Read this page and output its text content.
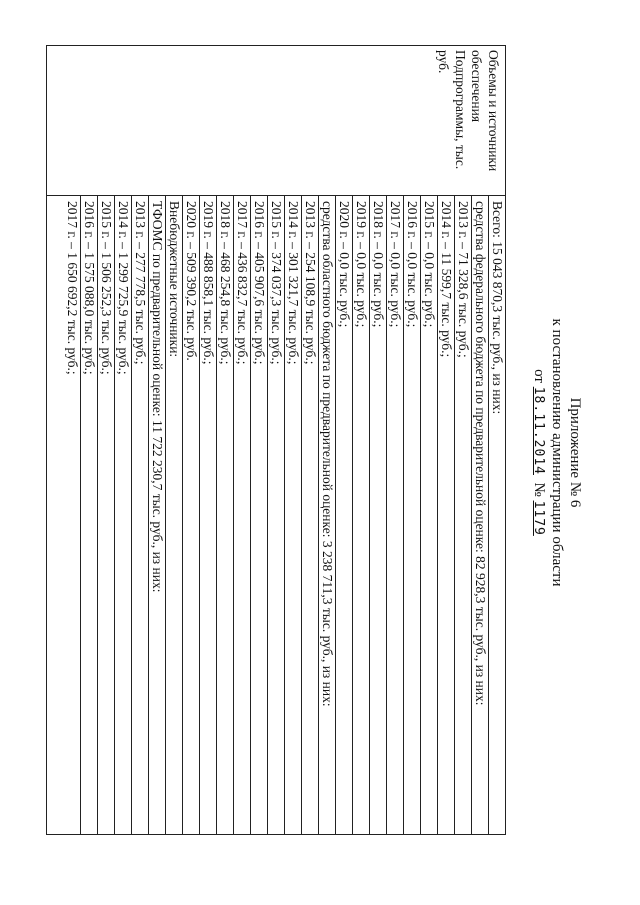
Приложение № 6
к постановлению администрации области
от 18.11.2014  № 1179
Объемы и источники обеспечения Подпрограммы, тыс. руб.
Всего: 15 043 870,3 тыс. руб., из них:
средства федерального бюджета по предварительной оценке: 82 928,3 тыс. руб., из них:
2013 г. – 71 328,6 тыс. руб.;
2014 г. – 11 599,7 тыс. руб.;
2015 г. – 0,0 тыс. руб.;
2016 г. – 0,0 тыс. руб.;
2017 г. – 0,0 тыс. руб.;
2018 г. – 0,0 тыс. руб.;
2019 г. – 0,0 тыс. руб.;
2020 г. – 0,0 тыс. руб.;
средства областного бюджета по предварительной оценке: 3 238 711,3 тыс. руб., из них:
2013 г. – 254 108,9 тыс. руб.;
2014 г. – 301 321,7 тыс. руб.;
2015 г. – 374 037,3 тыс. руб.;
2016 г. – 405 907,6 тыс. руб.;
2017 г. – 436 832,7 тыс. руб.;
2018 г. – 468 254,8 тыс. руб.;
2019 г. – 488 858,1 тыс. руб.;
2020 г. – 509 390,2 тыс. руб.
Внебюджетные источники:
ТФОМС по предварительной оценке: 11 722 230,7 тыс. руб., из них:
2013 г. – 277 778,5 тыс. руб.;
2014 г. – 1 299 725,9 тыс. руб.;
2015 г. – 1 506 252,3 тыс. руб.;
2016 г. – 1 575 088,0 тыс. руб.;
2017 г. – 1 650 692,2 тыс. руб.;
